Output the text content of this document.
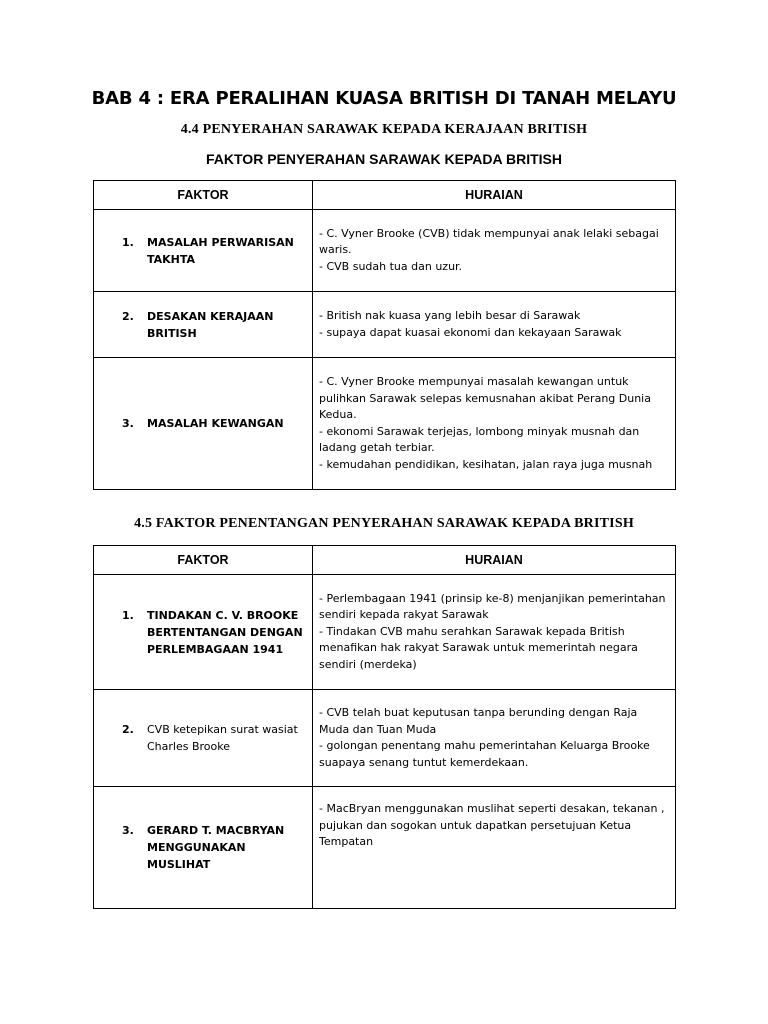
BAB 4 : ERA PERALIHAN KUASA BRITISH DI TANAH MELAYU
4.4 PENYERAHAN SARAWAK KEPADA KERAJAAN BRITISH
FAKTOR PENYERAHAN SARAWAK KEPADA BRITISH
FAKTOR	HURAIAN

1. MASALAH PERWARISAN TAKHTA	- C. Vyner Brooke (CVB) tidak mempunyai anak lelaki sebagai waris.
- CVB sudah tua dan uzur.

2. DESAKAN KERAJAAN BRITISH	- British nak kuasa yang lebih besar di Sarawak
- supaya dapat kuasai ekonomi dan kekayaan Sarawak

3. MASALAH KEWANGAN	- C. Vyner Brooke mempunyai masalah kewangan untuk pulihkan Sarawak selepas kemusnahan akibat Perang Dunia Kedua.
- ekonomi Sarawak terjejas, lombong minyak musnah dan ladang getah terbiar.
- kemudahan pendidikan, kesihatan, jalan raya juga musnah
4.5 FAKTOR PENENTANGAN PENYERAHAN SARAWAK KEPADA BRITISH
FAKTOR	HURAIAN

1. TINDAKAN C. V. BROOKE BERTENTANGAN DENGAN PERLEMBAGAAN 1941	- Perlembagaan 1941 (prinsip ke-8) menjanjikan pemerintahan sendiri kepada rakyat Sarawak
- Tindakan CVB mahu serahkan Sarawak kepada British menafikan hak rakyat Sarawak untuk memerintah negara sendiri (merdeka)

2. CVB ketepikan surat wasiat Charles Brooke	- CVB telah buat keputusan tanpa berunding dengan Raja Muda dan Tuan Muda
- golongan penentang mahu pemerintahan Keluarga Brooke suapaya senang tuntut kemerdekaan.

3. GERARD T. MACBRYAN MENGGUNAKAN MUSLIHAT	- MacBryan menggunakan muslihat seperti desakan, tekanan , pujukan dan sogokan untuk dapatkan persetujuan Ketua Tempatan
